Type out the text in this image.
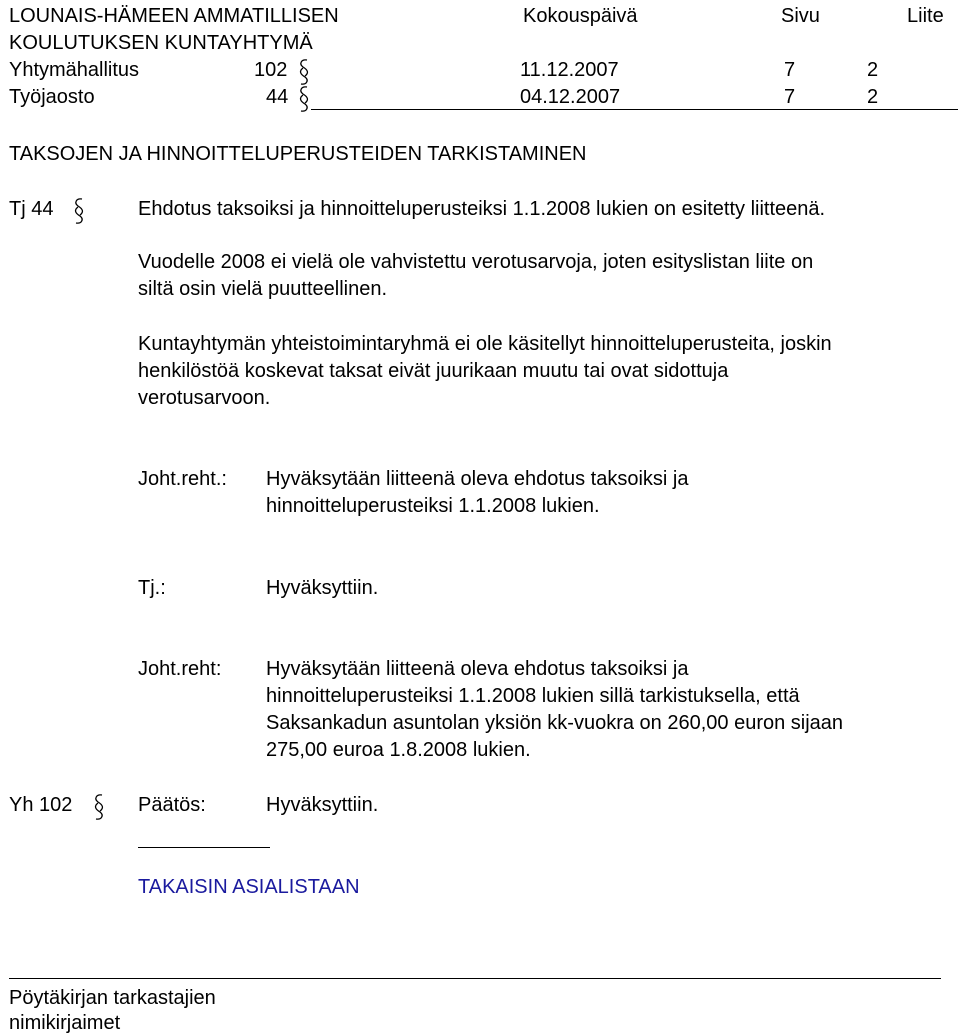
LOUNAIS-HÄMEEN AMMATILLISEN	Kokouspäivä	Sivu	Liite
KOULUTUKSEN KUNTAYHTYMÄ
Yhtymähallitus	102	11.12.2007	7	2
Työjaosto	44	04.12.2007	7	2
TAKSOJEN JA HINNOITTELUPERUSTEIDEN TARKISTAMINEN
Tj 44	Ehdotus taksoiksi ja hinnoitteluperusteiksi 1.1.2008 lukien on esitetty liitteenä.
Vuodelle 2008 ei vielä ole vahvistettu verotusarvoja, joten esityslistan liite on
siltä osin vielä puutteellinen.
Kuntayhtymän yhteistoimintaryhmä ei ole käsitellyt hinnoitteluperusteita, joskin
henkilöstöä koskevat taksat eivät juurikaan muutu tai ovat sidottuja
verotusarvoon.
Joht.reht.: Hyväksytään liitteenä oleva ehdotus taksoiksi ja
hinnoitteluperusteiksi 1.1.2008 lukien.
Tj.:	Hyväksyttiin.
Joht.reht: Hyväksytään liitteenä oleva ehdotus taksoiksi ja
hinnoitteluperusteiksi 1.1.2008 lukien sillä tarkistuksella, että
Saksankadun asuntolan yksiön kk-vuokra on 260,00 euron sijaan
275,00 euroa 1.8.2008 lukien.
Yh 102	Päätös:	Hyväksyttiin.
TAKAISIN ASIALISTAAN
Pöytäkirjan tarkastajien
nimikirjaimet
